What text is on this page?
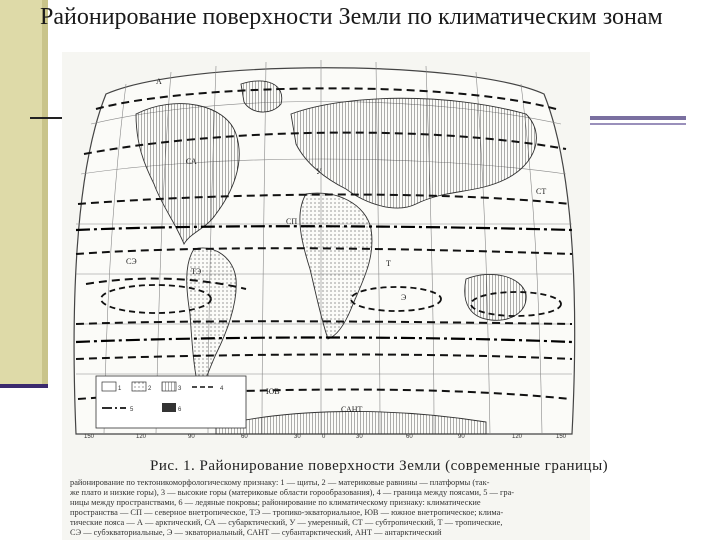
Районирование поверхности Земли по климатическим зонам
СП
СА
У
СТ
Т
ТЭ
СЭ
Э
ЮВ
САНТ
А
1	2	3	4
5	6
150	120	90	60	30	0	30	60	90	120	150
Рис. 1. Районирование поверхности Земли (современные границы)
районирование по тектоникоморфологическому признаку: 1 — щиты, 2 — материковые равнины — платформы (так-
же плато и низкие горы), 3 — высокие горы (материковые области горообразования), 4 — граница между поясами, 5 — гра-
ницы между пространствами, 6 — ледяные покровы; районирование по климатическому признаку: климатические
пространства — СП — северное внетропическое, ТЭ — тропико-экваториальное, ЮВ — южное внетропическое; клима-
тические пояса — А — арктический, СА — субарктический, У — умеренный, СТ — субтропический, Т — тропические,
СЭ — субэкваториальные, Э — экваториальный, САНТ — субантарктический, АНТ — антарктический
